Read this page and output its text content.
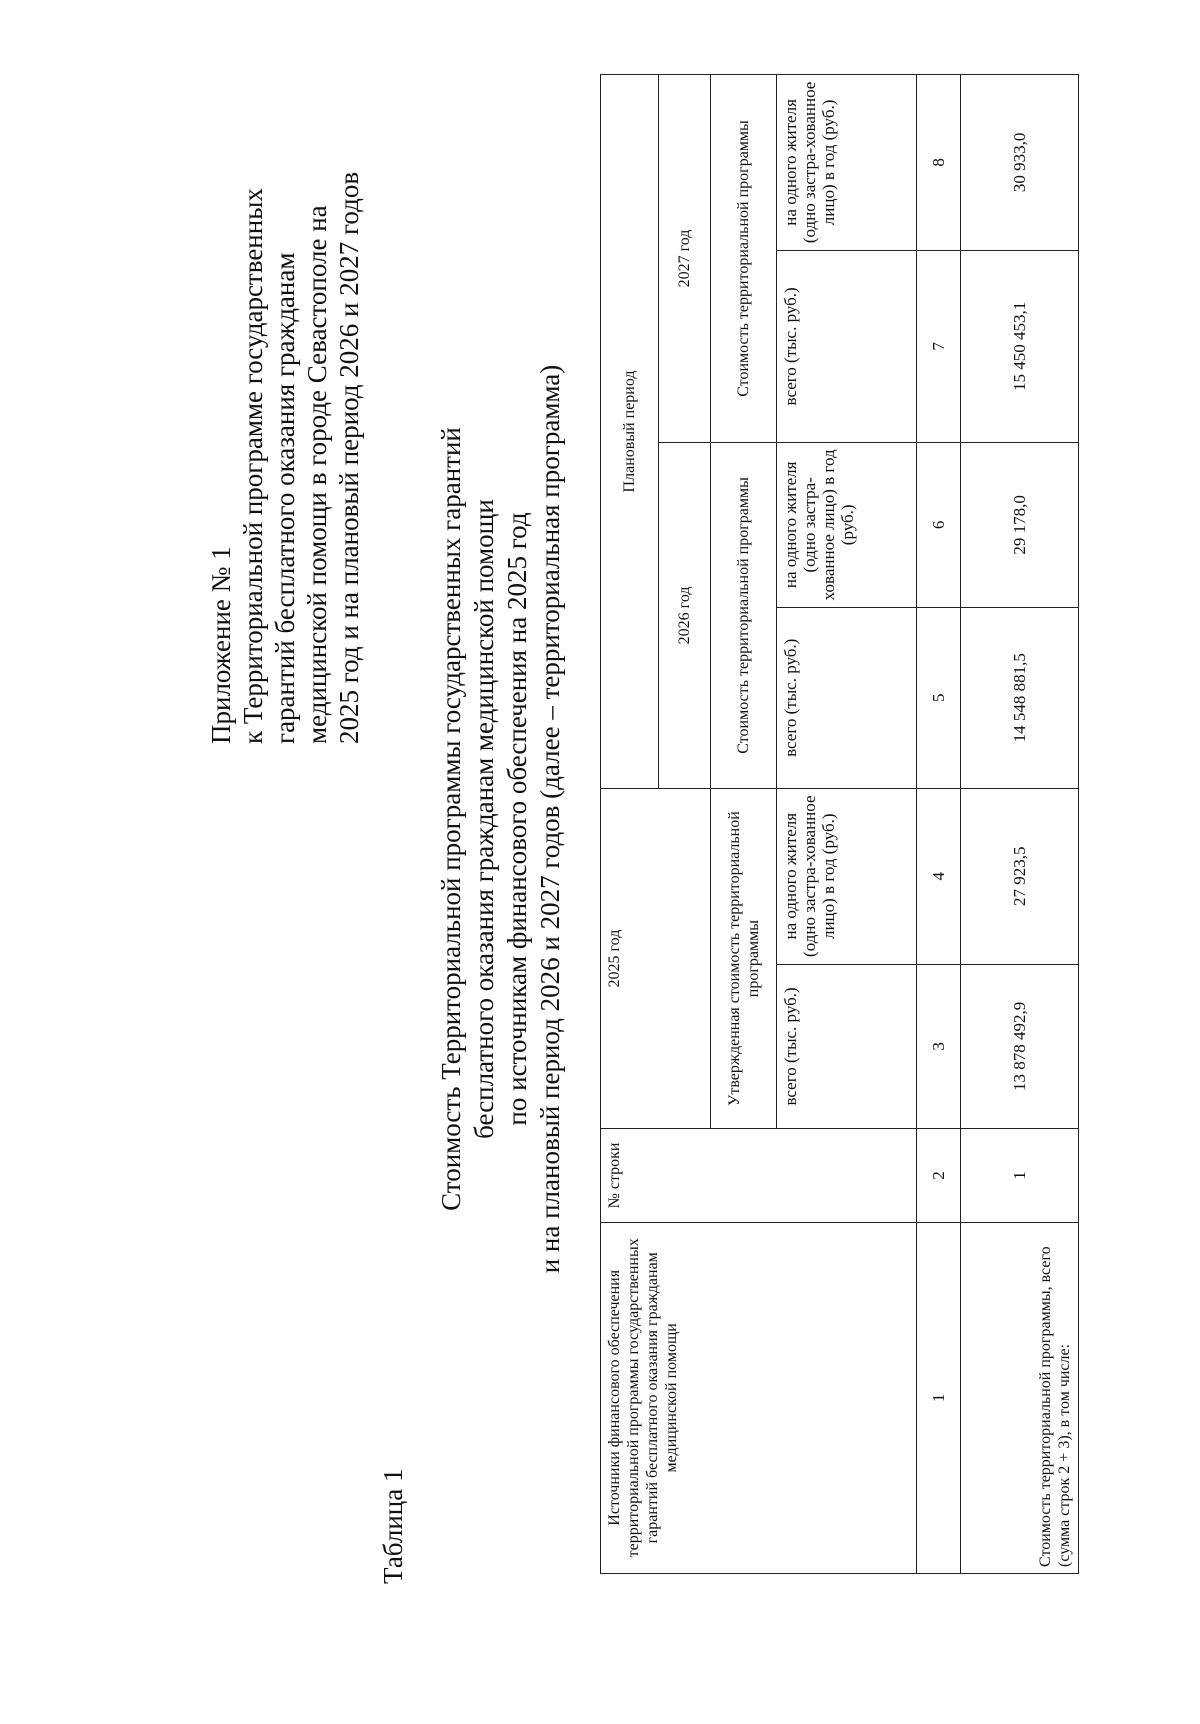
Приложение № 1 к Территориальной программе государственных гарантий бесплатного оказания гражданам медицинской помощи в городе Севастополе на 2025 год и на плановый период 2026 и 2027 годов
Таблица 1
Стоимость Территориальной программы государственных гарантий бесплатного оказания гражданам медицинской помощи по источникам финансового обеспечения на 2025 год и на плановый период 2026 и 2027 годов (далее – территориальная программа)
Источники финансового обеспечения территориальной программы государственных гарантий бесплатного оказания гражданам медицинской помощи	№ строки	2025 год		Плановый период			
				2026 год		2027 год	
		Утвержденная стоимость территориальной программы		Стоимость территориальной программы		Стоимость территориальной программы	
		всего (тыс. руб.)	на одного жителя (одно застра-хованное лицо) в год (руб.)	всего (тыс. руб.)	на одного жителя (одно застра-хованное лицо) в год (руб.)	всего (тыс. руб.)	на одного жителя (одно застра-хованное лицо) в год (руб.)
1	2	3	4	5	6	7	8
Стоимость территориальной программы, всего (сумма строк 2 + 3), в том числе:	1	13 878 492,9	27 923,5	14 548 881,5	29 178,0	15 450 453,1	30 933,0
